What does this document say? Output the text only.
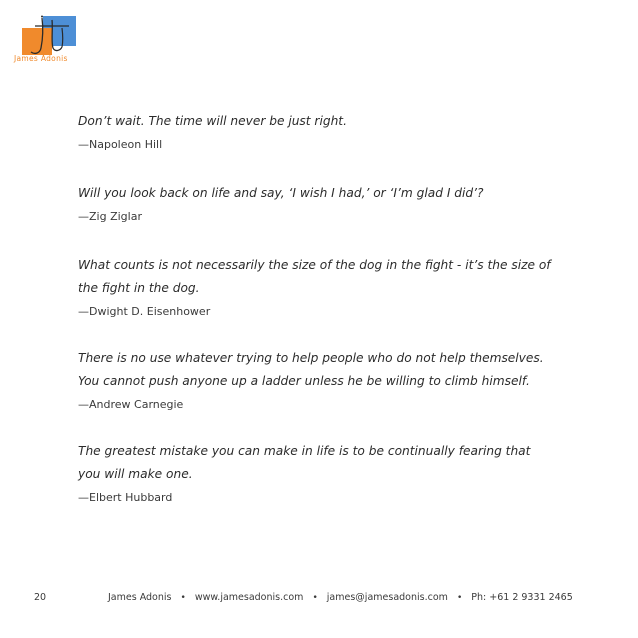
James Adonis

Don’t wait. The time will never be just right.

—Napoleon Hill

Will you look back on life and say, ‘I wish I had,’ or ‘I’m glad I did’?

—Zig Ziglar

What counts is not necessarily the size of the dog in the fight - it’s the size of
the fight in the dog.

—Dwight D. Eisenhower

There is no use whatever trying to help people who do not help themselves.
You cannot push anyone up a ladder unless he be willing to climb himself.

—Andrew Carnegie

The greatest mistake you can make in life is to be continually fearing that
you will make one.

—Elbert Hubbard

20	James Adonis • www.jamesadonis.com • james@jamesadonis.com • Ph: +61 2 9331 2465
